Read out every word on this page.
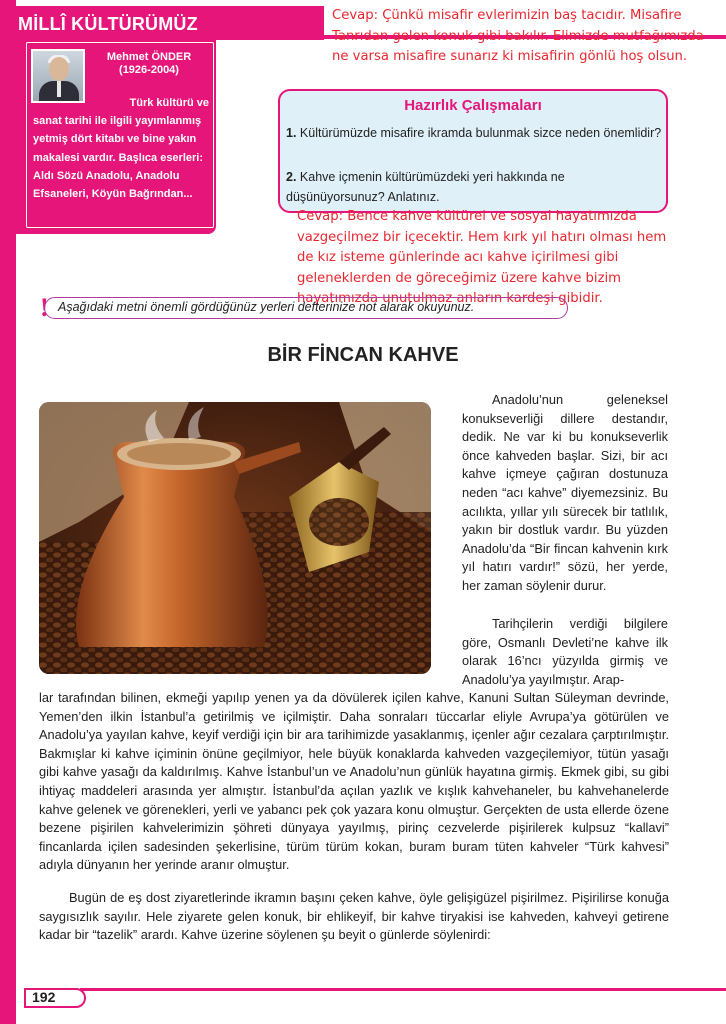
MİLLÎ KÜLTÜRÜMÜZ
Mehmet ÖNDER
(1926-2004)
Türk kültürü ve
sanat tarihi ile ilgili yayımlanmış yetmiş dört kitabı ve bine yakın makalesi vardır. Başlıca eserleri: Aldı Sözü Anadolu, Anadolu Efsaneleri, Köyün Bağrından...

Cevap: Çünkü misafir evlerimizin baş tacıdır. Misafire Tanrıdan gelen konuk gibi bakılır. Elimizde mutfağımızda ne varsa misafire sunarız ki misafirin gönlü hoş olsun.

Hazırlık Çalışmaları
1. Kültürümüzde misafire ikramda bulunmak sizce neden önemlidir?
2. Kahve içmenin kültürümüzdeki yeri hakkında ne düşünüyorsunuz? Anlatınız.

Cevap: Bence kahve kültürel ve sosyal hayatımızda vazgeçilmez bir içecektir. Hem kırk yıl hatırı olması hem de kız isteme günlerinde acı kahve içirilmesi gibi geleneklerden de göreceğimiz üzere kahve bizim hayatımızda unutulmaz anların kardeşi gibidir.

! Aşağıdaki metni önemli gördüğünüz yerleri defterinize not alarak okuyunuz.
BİR FİNCAN KAHVE

Anadolu’nun geleneksel konukseverliği dillere destandır, dedik. Ne var ki bu konukseverlik önce kahveden başlar. Sizi, bir acı kahve içmeye çağıran dostunuza neden “acı kahve” diyemezsiniz. Bu acılıkta, yıllar yılı sürecek bir tatlılık, yakın bir dostluk vardır. Bu yüzden Anadolu’da “Bir fincan kahvenin kırk yıl hatırı vardır!” sözü, her yerde, her zaman söylenir durur.

Tarihçilerin verdiği bilgilere göre, Osmanlı Devleti’ne kahve ilk olarak 16’ncı yüzyılda girmiş ve Anadolu’ya yayılmıştır. Arap-

lar tarafından bilinen, ekmeği yapılıp yenen ya da dövülerek içilen kahve, Kanuni Sultan Süleyman devrinde, Yemen’den ilkin İstanbul’a getirilmiş ve içilmiştir. Daha sonraları tüccarlar eliyle Avrupa’ya götürülen ve Anadolu’ya yayılan kahve, keyif verdiği için bir ara tarihimizde yasaklanmış, içenler ağır cezalara çarptırılmıştır. Bakmışlar ki kahve içiminin önüne geçilmiyor, hele büyük konaklarda kahveden vazgeçilemiyor, tütün yasağı gibi kahve yasağı da kaldırılmış. Kahve İstanbul’un ve Anadolu’nun günlük hayatına girmiş. Ekmek gibi, su gibi ihtiyaç maddeleri arasında yer almıştır. İstanbul’da açılan yazlık ve kışlık kahvehaneler, bu kahvehanelerde kahve gelenek ve görenekleri, yerli ve yabancı pek çok yazara konu olmuştur. Gerçekten de usta ellerde özene bezene pişirilen kahvelerimizin şöhreti dünyaya yayılmış, pirinç cezvelerde pişirilerek kulpsuz “kallavi” fincanlarda içilen sadesinden şekerlisine, türüm türüm kokan, buram buram tüten kahveler “Türk kahvesi” adıyla dünyanın her yerinde aranır olmuştur.

Bugün de eş dost ziyaretlerinde ikramın başını çeken kahve, öyle gelişigüzel pişirilmez. Pişirilirse konuğa saygısızlık sayılır. Hele ziyarete gelen konuk, bir ehlikeyif, bir kahve tiryakisi ise kahveden, kahveyi getirene kadar bir “tazelik” arardı. Kahve üzerine söylenen şu beyit o günlerde söylenirdi:

192
